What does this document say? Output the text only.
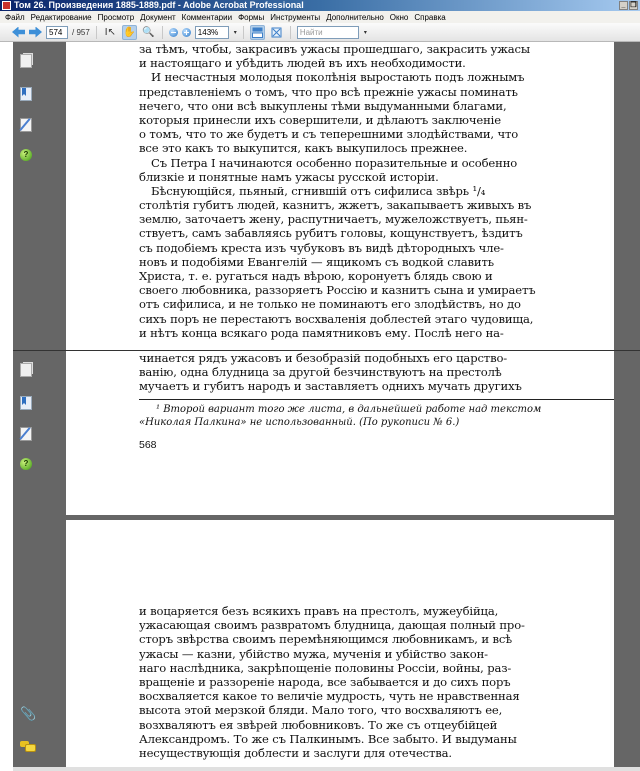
Том 26. Произведения 1885-1889.pdf - Adobe Acrobat Professional	_ ❐
Файл Редактирование Просмотр Документ Комментарии Формы Инструменты Дополнительно Окно Справка
574	/ 957 I↖ ✋ 🔍	143%	▾	Найти	▾
?
?
📎
за тѣмъ, чтобы, закрасивъ ужасы прошедшаго, закрасить ужасы
и настоящаго и убѣдить людей въ ихъ необходимости.
И несчастныя молодыя поколѣнія выростають подъ ложнымъ
представленіемъ о томъ, что про всѣ прежніе ужасы поминать
нечего, что они всѣ выкуплены тѣми выдуманными благами,
которыя принесли ихъ совершители, и дѣлаютъ заключеніе
о томъ, что то же будетъ и съ теперешними злодѣйствами, что
все это какъ то выкупится, какъ выкупилось прежнее.
Съ Петра I начинаются особенно поразительные и особенно
близкіе и понятные намъ ужасы русской исторіи.
Бѣснующійся, пьяный, сгнившій отъ сифилиса звѣрь ¹/₄
столѣтія губитъ людей, казнитъ, жжетъ, закапываетъ живыхъ въ
землю, заточаетъ жену, распутничаетъ, мужеложствуетъ, пьян-
ствуетъ, самъ забавляясь рубитъ головы, кощунствуетъ, ѣздитъ
съ подобіемъ креста изъ чубуковъ въ видѣ дѣтородныхъ чле-
новъ и подобіями Евангелій — ящикомъ съ водкой славить
Христа, т. е. ругаться надъ вѣрою, коронуетъ блядь свою и
своего любовника, раззоряетъ Россію и казнитъ сына и умираетъ
отъ сифилиса, и не только не поминаютъ его злодѣйствъ, но до
сихъ поръ не перестаютъ восхваленія доблестей этаго чудовища,
и нѣтъ конца всякаго рода памятниковъ ему. Послѣ него на-
чинается рядъ ужасовъ и безобразій подобныхъ его царство-
ванію, одна блудница за другой безчинствуютъ на престолѣ
мучаетъ и губитъ народъ и заставляетъ однихъ мучать другихъ
¹ Второй вариант того же листа, в дальнейшей работе над текстом
«Николая Палкина» не использованный. (По рукописи № 6.)
568
и воцаряется безъ всякихъ правъ на престолъ, мужеубійца,
ужасающая своимъ развратомъ блудница, дающая полный про-
сторъ звѣрства своимъ перемѣняющимся любовникамъ, и всѣ
ужасы — казни, убійство мужа, мученія и убійство закон-
наго наслѣдника, закрѣпощеніе половины Россіи, войны, раз-
вращеніе и раззореніе народа, все забывается и до сихъ поръ
восхваляется какое то величіе мудрость, чуть не нравственная
высота этой мерзкой бляди. Мало того, что восхваляютъ ее,
возхваляютъ ея звѣрей любовниковъ. То же съ отцеубійцей
Александромъ. То же съ Палкинымъ. Все забыто. И выдуманы
несуществующія доблести и заслуги для отечества.
